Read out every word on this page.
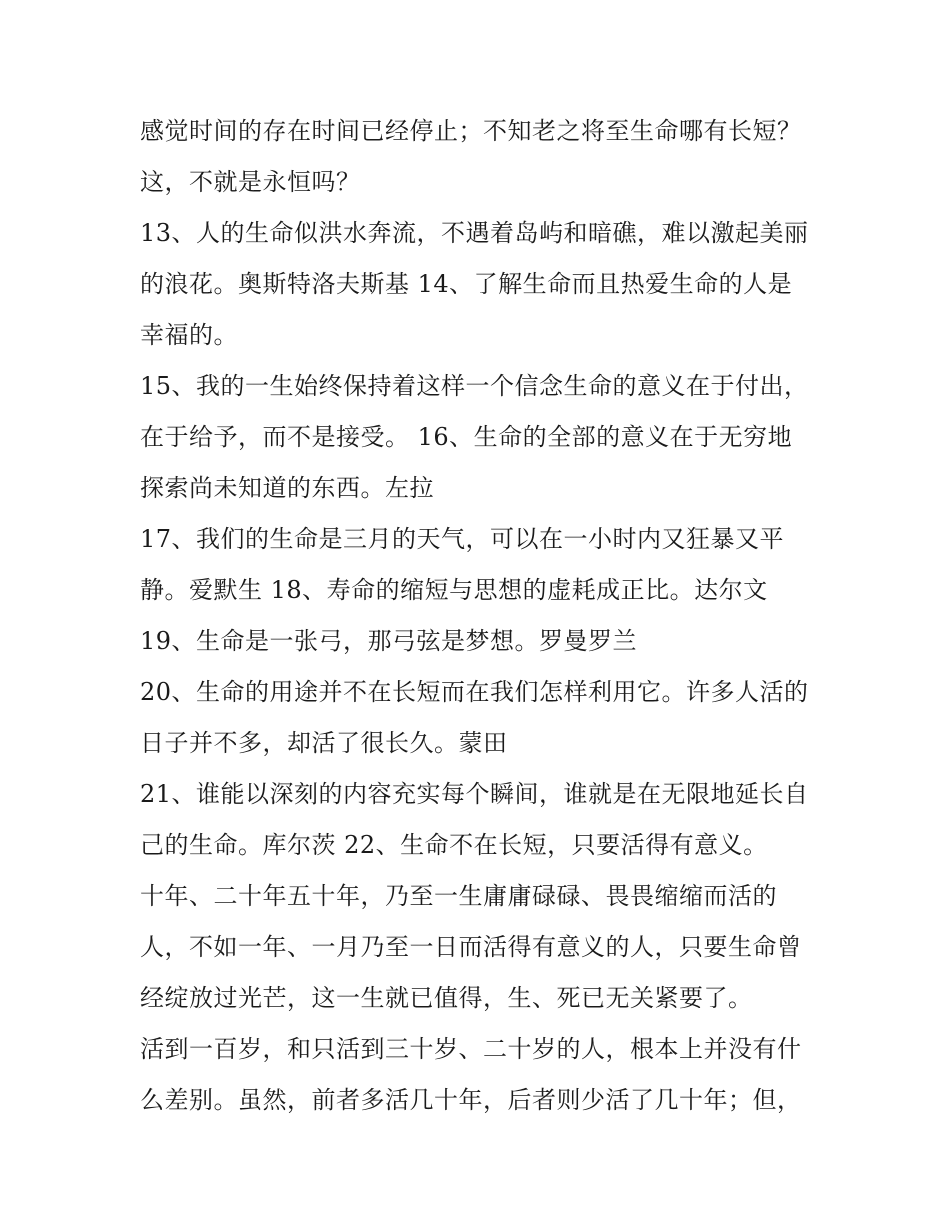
感觉时间的存在时间已经停止；不知老之将至生命哪有长短？
这，不就是永恒吗？
13、人的生命似洪水奔流，不遇着岛屿和暗礁，难以激起美丽
的浪花。奥斯特洛夫斯基 14、了解生命而且热爱生命的人是
幸福的。
15、我的一生始终保持着这样一个信念生命的意义在于付出，
在于给予，而不是接受。 16、生命的全部的意义在于无穷地
探索尚未知道的东西。左拉
17、我们的生命是三月的天气，可以在一小时内又狂暴又平
静。爱默生 18、寿命的缩短与思想的虚耗成正比。达尔文
19、生命是一张弓，那弓弦是梦想。罗曼罗兰
20、生命的用途并不在长短而在我们怎样利用它。许多人活的
日子并不多，却活了很长久。蒙田
21、谁能以深刻的内容充实每个瞬间，谁就是在无限地延长自
己的生命。库尔茨 22、生命不在长短，只要活得有意义。
十年、二十年五十年，乃至一生庸庸碌碌、畏畏缩缩而活的
人，不如一年、一月乃至一日而活得有意义的人，只要生命曾
经绽放过光芒，这一生就已值得，生、死已无关紧要了。
活到一百岁，和只活到三十岁、二十岁的人，根本上并没有什
么差别。虽然，前者多活几十年，后者则少活了几十年；但，
